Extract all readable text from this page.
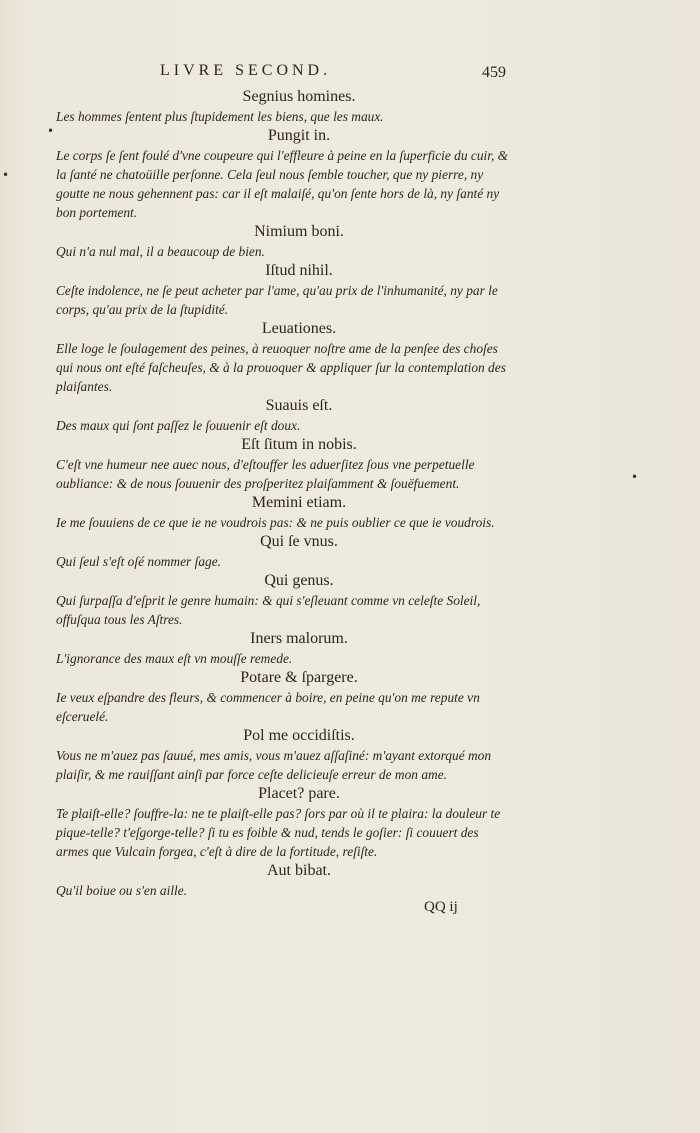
LIVRE SECOND.	459

Segnius homines.

Les hommes ſentent plus ſtupidement les biens, que les maux.

Pungit in.

Le corps ſe ſent foulé d'vne coupeure qui l'effleure à peine en la ſuperficie du cuir, & la ſanté ne chatoüille perſonne. Cela ſeul nous ſemble toucher, que ny pierre, ny goutte ne nous gehennent pas: car il eſt malaiſé, qu'on ſente hors de là, ny ſanté ny bon portement.

Nimium boni.

Qui n'a nul mal, il a beaucoup de bien.

Iſtud nihil.

Ceſte indolence, ne ſe peut acheter par l'ame, qu'au prix de l'inhumanité, ny par le corps, qu'au prix de la ſtupidité.

Leuationes.

Elle loge le ſoulagement des peines, à reuoquer noſtre ame de la penſee des choſes qui nous ont eſté faſcheuſes, & à la prouoquer & appliquer ſur la contemplation des plaiſantes.

Suauis eſt.

Des maux qui ſont paſſez le ſouuenir eſt doux.

Eſt ſitum in nobis.

C'eſt vne humeur nee auec nous, d'eſtouffer les aduerſitez ſous vne perpetuelle oubliance: & de nous ſouuenir des proſperitez plaiſamment & ſouëfuement.

Memini etiam.

Ie me ſouuiens de ce que ie ne voudrois pas: & ne puis oublier ce que ie voudrois.

Qui ſe vnus.

Qui ſeul s'eſt oſé nommer ſage.

Qui genus.

Qui ſurpaſſa d'eſprit le genre humain: & qui s'eſleuant comme vn celeſte Soleil, offuſqua tous les Aſtres.

Iners malorum.

L'ignorance des maux eſt vn mouſſe remede.

Potare & ſpargere.

Ie veux eſpandre des fleurs, & commencer à boire, en peine qu'on me repute vn eſceruelé.

Pol me occidiſtis.

Vous ne m'auez pas ſauué, mes amis, vous m'auez aſſaſiné: m'ayant extorqué mon plaiſir, & me rauiſſant ainſi par force ceſte delicieuſe erreur de mon ame.

Placet? pare.

Te plaiſt-elle? ſouffre-la: ne te plaiſt-elle pas? ſors par où il te plaira: la douleur te pique-telle? t'eſgorge-telle? ſi tu es foible & nud, tends le goſier: ſi couuert des armes que Vulcain forgea, c'eſt à dire de la fortitude, reſiſte.

Aut bibat.

Qu'il boiue ou s'en aille.

QQ ij
•
•
•
